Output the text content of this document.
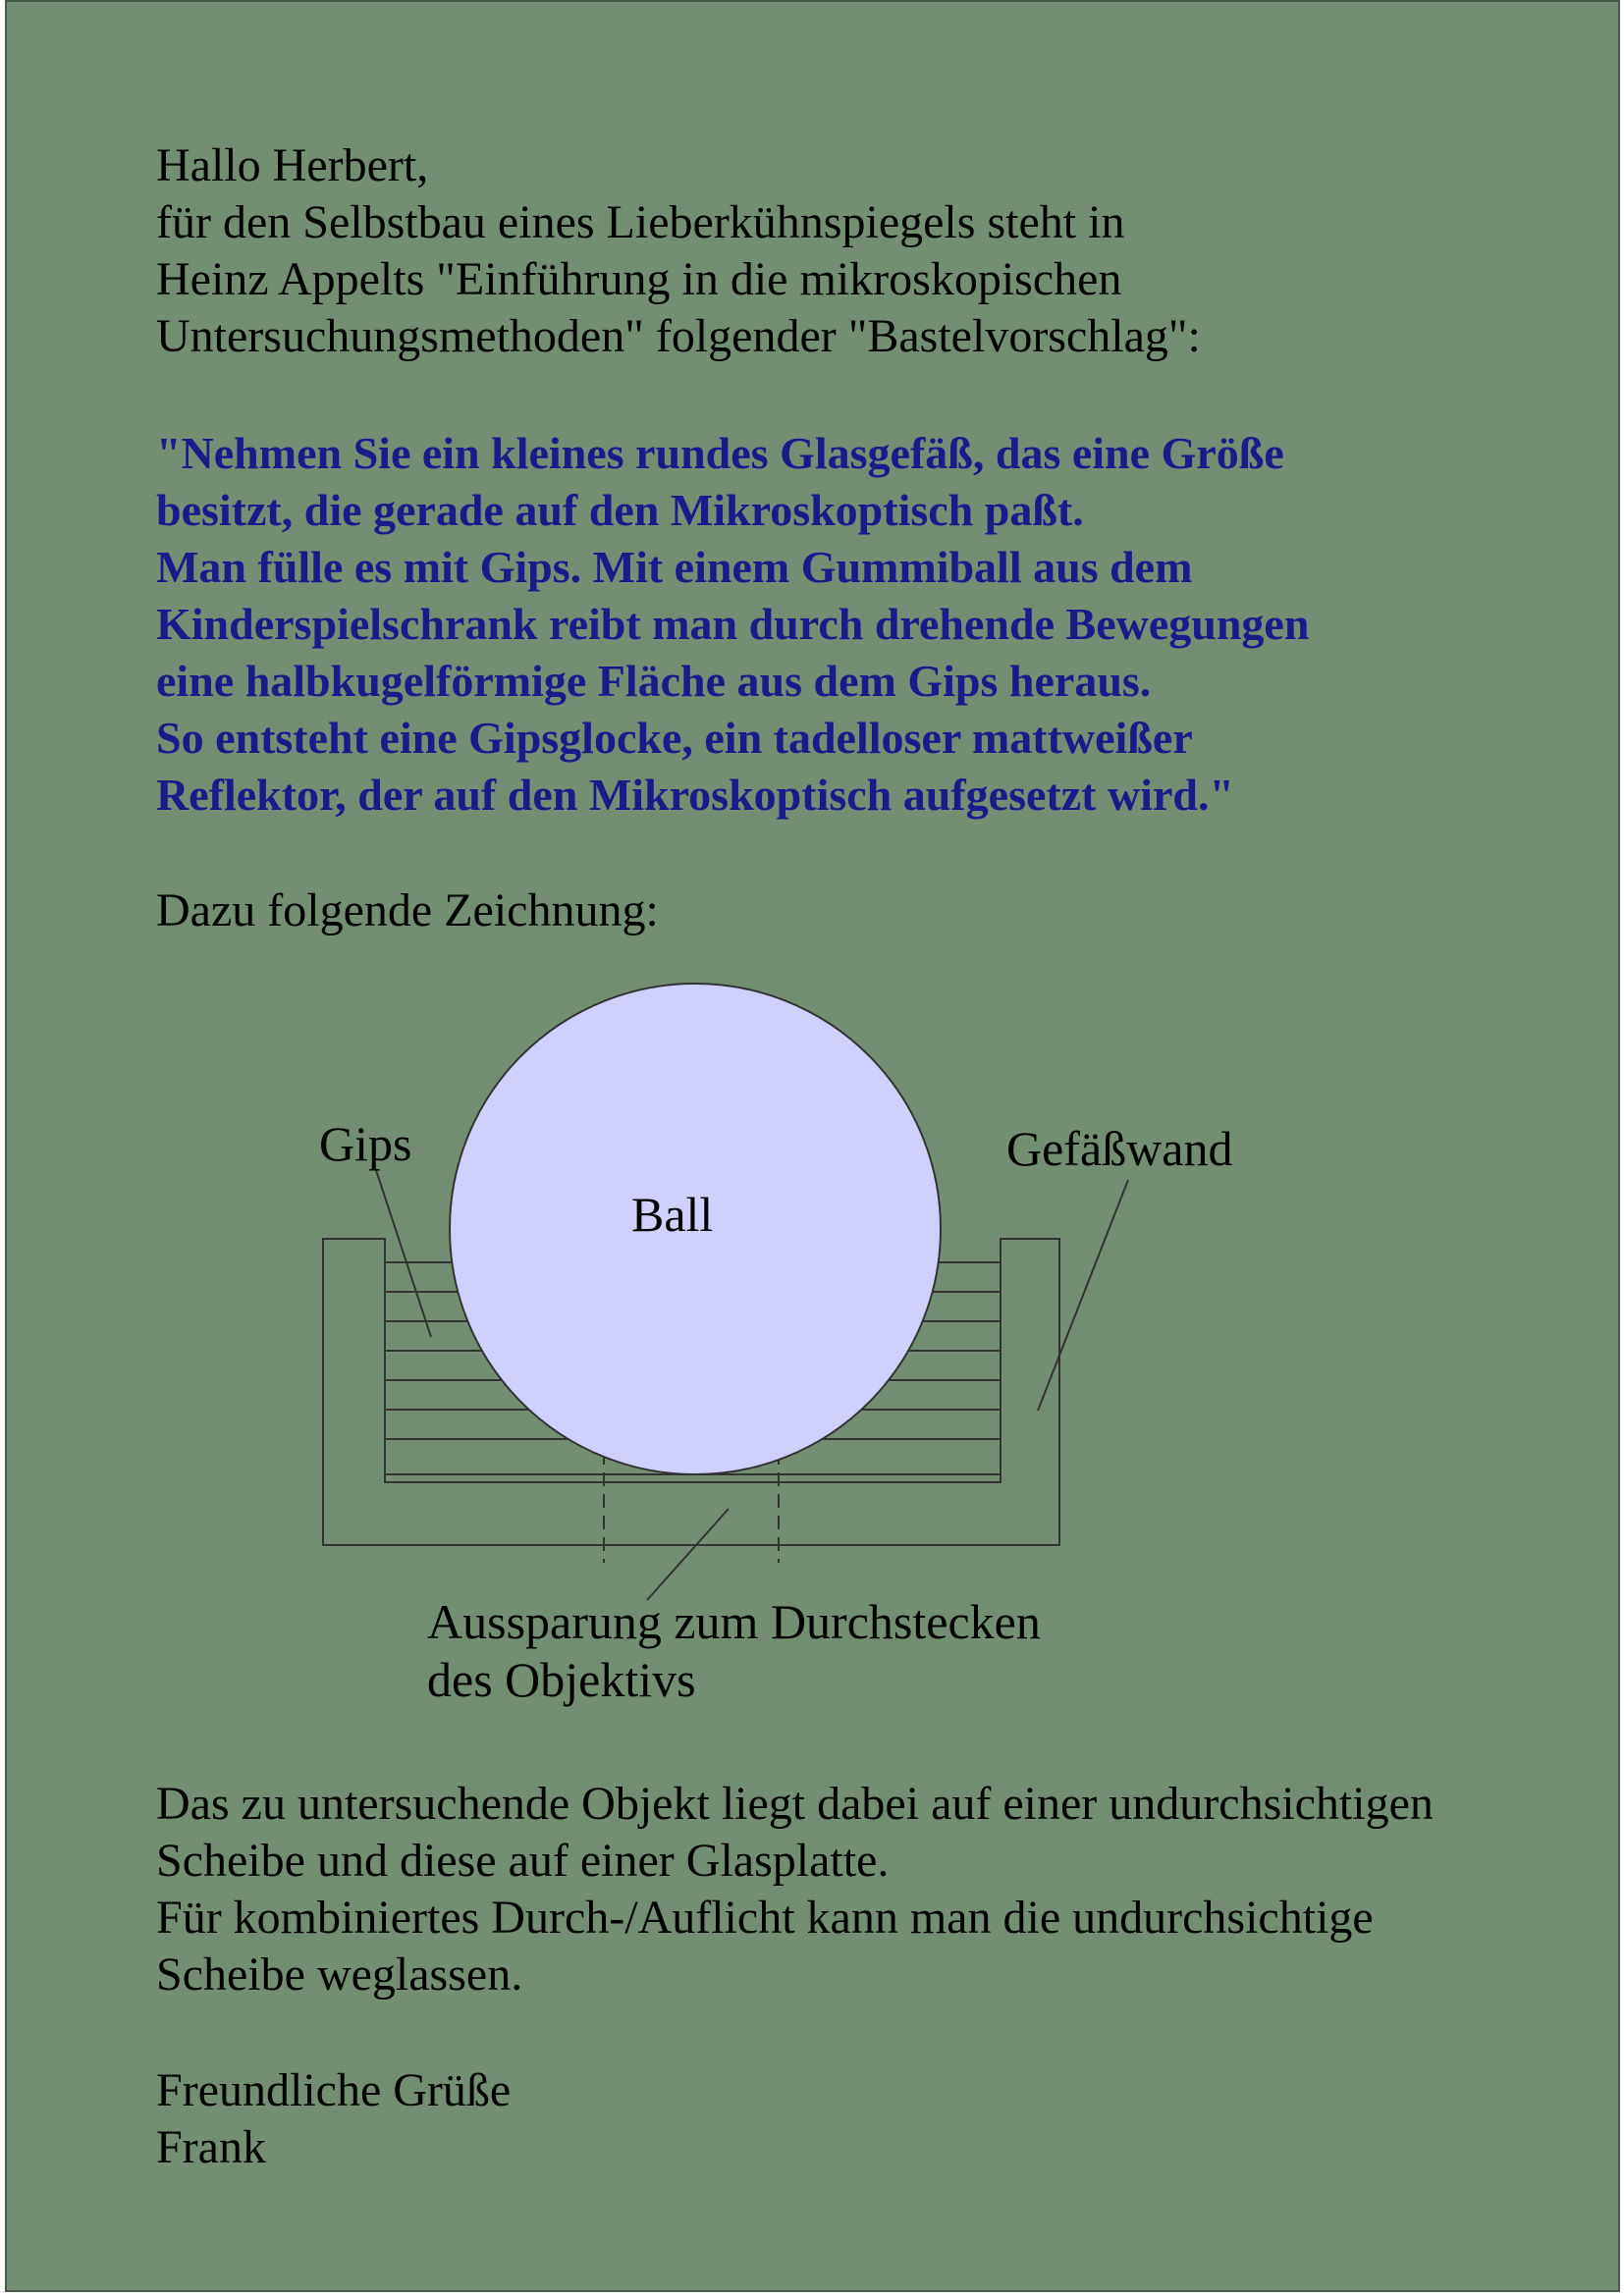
Hallo Herbert,
für den Selbstbau eines Lieberkühnspiegels steht in
Heinz Appelts "Einführung in die mikroskopischen
Untersuchungsmethoden" folgender "Bastelvorschlag":
"Nehmen Sie ein kleines rundes Glasgefäß, das eine Größe
besitzt, die gerade auf den Mikroskoptisch paßt.
Man fülle es mit Gips. Mit einem Gummiball aus dem
Kinderspielschrank reibt man durch drehende Bewegungen
eine halbkugelförmige Fläche aus dem Gips heraus.
So entsteht eine Gipsglocke, ein tadelloser mattweißer
Reflektor, der auf den Mikroskoptisch aufgesetzt wird."
Dazu folgende Zeichnung:
Gips
Ball
Gefäßwand
Aussparung zum Durchstecken
des Objektivs
Das zu untersuchende Objekt liegt dabei auf einer undurchsichtigen
Scheibe und diese auf einer Glasplatte.
Für kombiniertes Durch-/Auflicht kann man die undurchsichtige
Scheibe weglassen.
Freundliche Grüße
Frank
